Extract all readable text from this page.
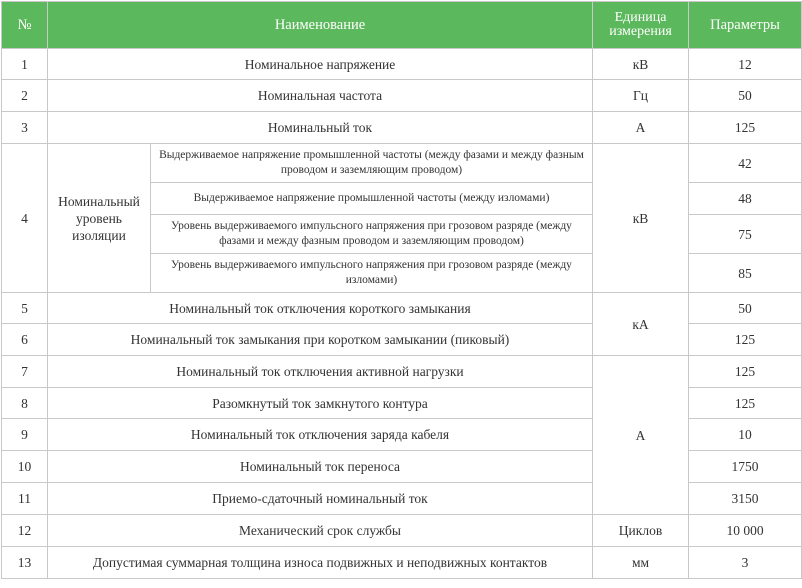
№	Наименование		Единица
измерения	Параметры
1	Номинальное напряжение		кВ	12
2	Номинальная частота		Гц	50
3	Номинальный ток		А	125
4	Номинальный
уровень
изоляции	Выдерживаемое напряжение промышленной частоты (между фазами и между фазным проводом и заземляющим проводом)	кВ	42
		Выдерживаемое напряжение промышленной частоты (между изломами)		48
		Уровень выдерживаемого импульсного напряжения при грозовом разряде (между фазами и между фазным проводом и заземляющим проводом)		75
		Уровень выдерживаемого импульсного напряжения при грозовом разряде (между изломами)		85
5	Номинальный ток отключения короткого замыкания		кА	50
6	Номинальный ток замыкания при коротком замыкании (пиковый)			125
7	Номинальный ток отключения активной нагрузки		А	125
8	Разомкнутый ток замкнутого контура			125
9	Номинальный ток отключения заряда кабеля			10
10	Номинальный ток переноса			1750
11	Приемо-сдаточный номинальный ток			3150
12	Механический срок службы		Циклов	10 000
13	Допустимая суммарная толщина износа подвижных и неподвижных контактов		мм	3
